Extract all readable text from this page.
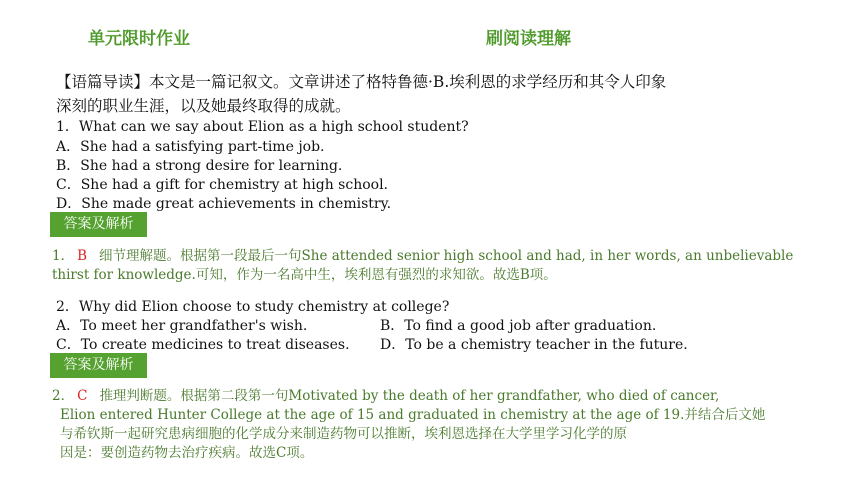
单元限时作业	刷阅读理解
【语篇导读】本文是一篇记叙文。文章讲述了格特鲁德·B.埃利恩的求学经历和其令人印象
深刻的职业生涯，以及她最终取得的成就。
1．What can we say about Elion as a high school student?
A．She had a satisfying part-time job.
B．She had a strong desire for learning.
C．She had a gift for chemistry at high school.
D．She made great achievements in chemistry.
答案及解析
1． B 细节理解题。根据第一段最后一句She attended senior high school and had, in her words, an unbelievable
thirst for knowledge.可知，作为一名高中生，埃利恩有强烈的求知欲。故选B项。
2．Why did Elion choose to study chemistry at college?
A．To meet her grandfather's wish.	B．To find a good job after graduation.
C．To create medicines to treat diseases. D．To be a chemistry teacher in the future.
答案及解析
2． C 推理判断题。根据第二段第一句Motivated by the death of her grandfather, who died of cancer,
Elion entered Hunter College at the age of 15 and graduated in chemistry at the age of 19.并结合后文她
与希钦斯一起研究患病细胞的化学成分来制造药物可以推断，埃利恩选择在大学里学习化学的原
因是：要创造药物去治疗疾病。故选C项。
